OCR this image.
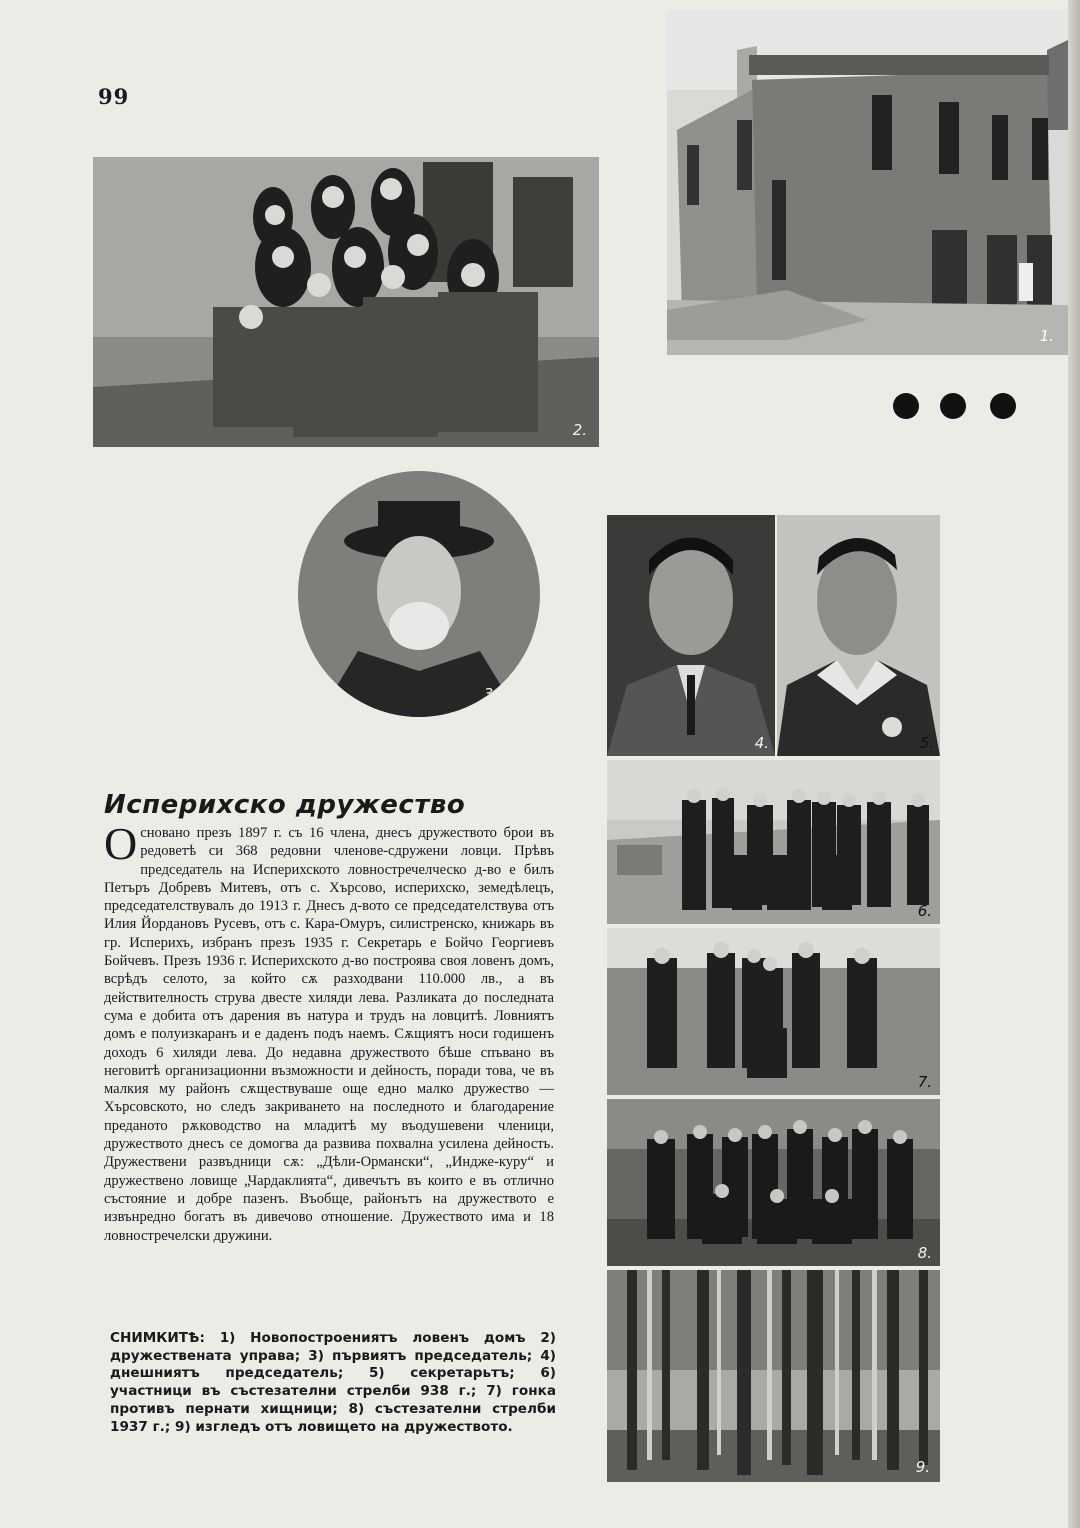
99
1.
2.
3.
4.	5.
6.
7.
8.
9.
Исперихско дружество
Основано презъ 1897 г. съ 16 члена, днесъ дружеството брои въ редоветѣ си 368 редовни членове-сдружени ловци. Прѣвъ председатель на Исперихското ловностречелческо д-во е билъ Петъръ Добревъ Митевъ, отъ с. Хърсово, исперихско, земедѣлецъ, председателствувалъ до 1913 г. Днесъ д-вото се председателствува отъ Илия Йордановъ Русевъ, отъ с. Кара-Омуръ, силистренско, книжарь въ гр. Исперихъ, избранъ презъ 1935 г. Секретарь е Бойчо Георгиевъ Бойчевъ. Презъ 1936 г. Исперихското д-во построява своя ловенъ домъ, всрѣдъ селото, за който сѫ разходвани 110.000 лв., а въ действителность струва двесте хиляди лева. Разликата до последната сума е добита отъ дарения въ натура и трудъ на ловцитѣ. Ловниятъ домъ е полуизкаранъ и е даденъ подъ наемъ. Сѫщиятъ носи годишенъ доходъ 6 хиляди лева. До недавна дружеството бѣше спъвано въ неговитѣ организационни възможности и дейность, поради това, че въ малкия му районъ сѫществуваше още едно малко дружество — Хърсовското, но следъ закриването на последното и благодарение преданото рѫководство на младитѣ му въодушевени членици, дружеството днесъ се домогва да развива похвална усилена дейность. Дружествени развъдници сѫ: „Дѣли-Ормански“, „Индже-куру“ и дружествено ловище „Чардаклията“, дивечътъ въ които е въ отлично състояние и добре пазенъ. Въобще, районътъ на дружеството е извънредно богатъ въ дивечово отношение. Дружеството има и 18 ловностречелски дружини.
СНИМКИТѢ: 1) Новопостроениятъ ловенъ домъ 2) дружествената управа; 3) първиятъ председатель; 4) днешниятъ председатель; 5) секретарьтъ; 6) участници въ състезателни стрелби 938 г.; 7) гонка противъ пернати хищници; 8) състезателни стрелби 1937 г.; 9) изгледъ отъ ловището на дружеството.
